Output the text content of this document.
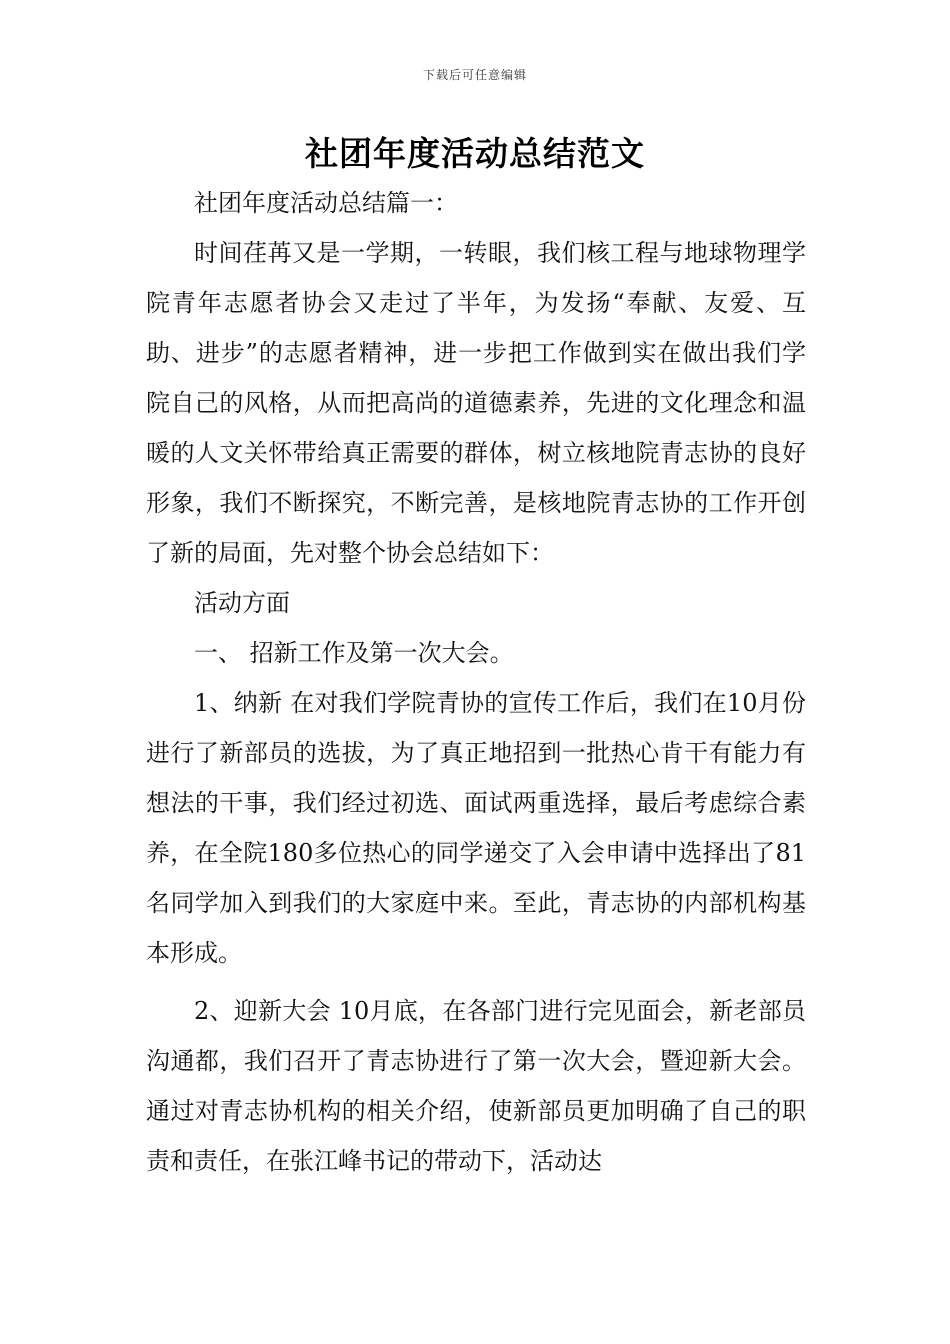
下载后可任意编辑
社团年度活动总结范文

社团年度活动总结篇一：

时间荏苒又是一学期，一转眼，我们核工程与地球物理学院青年志愿者协会又走过了半年，为发扬“奉献、友爱、互助、进步”的志愿者精神，进一步把工作做到实在做出我们学院自己的风格，从而把高尚的道德素养，先进的文化理念和温暖的人文关怀带给真正需要的群体，树立核地院青志协的良好形象，我们不断探究，不断完善，是核地院青志协的工作开创了新的局面，先对整个协会总结如下：

活动方面

一、 招新工作及第一次大会。

1、纳新 在对我们学院青协的宣传工作后，我们在10月份进行了新部员的选拔，为了真正地招到一批热心肯干有能力有想法的干事，我们经过初选、面试两重选择，最后考虑综合素养，在全院180多位热心的同学递交了入会申请中选择出了81名同学加入到我们的大家庭中来。至此，青志协的内部机构基本形成。

2、迎新大会 10月底，在各部门进行完见面会，新老部员沟通都，我们召开了青志协进行了第一次大会，暨迎新大会。通过对青志协机构的相关介绍，使新部员更加明确了自己的职责和责任，在张江峰书记的带动下，活动达
